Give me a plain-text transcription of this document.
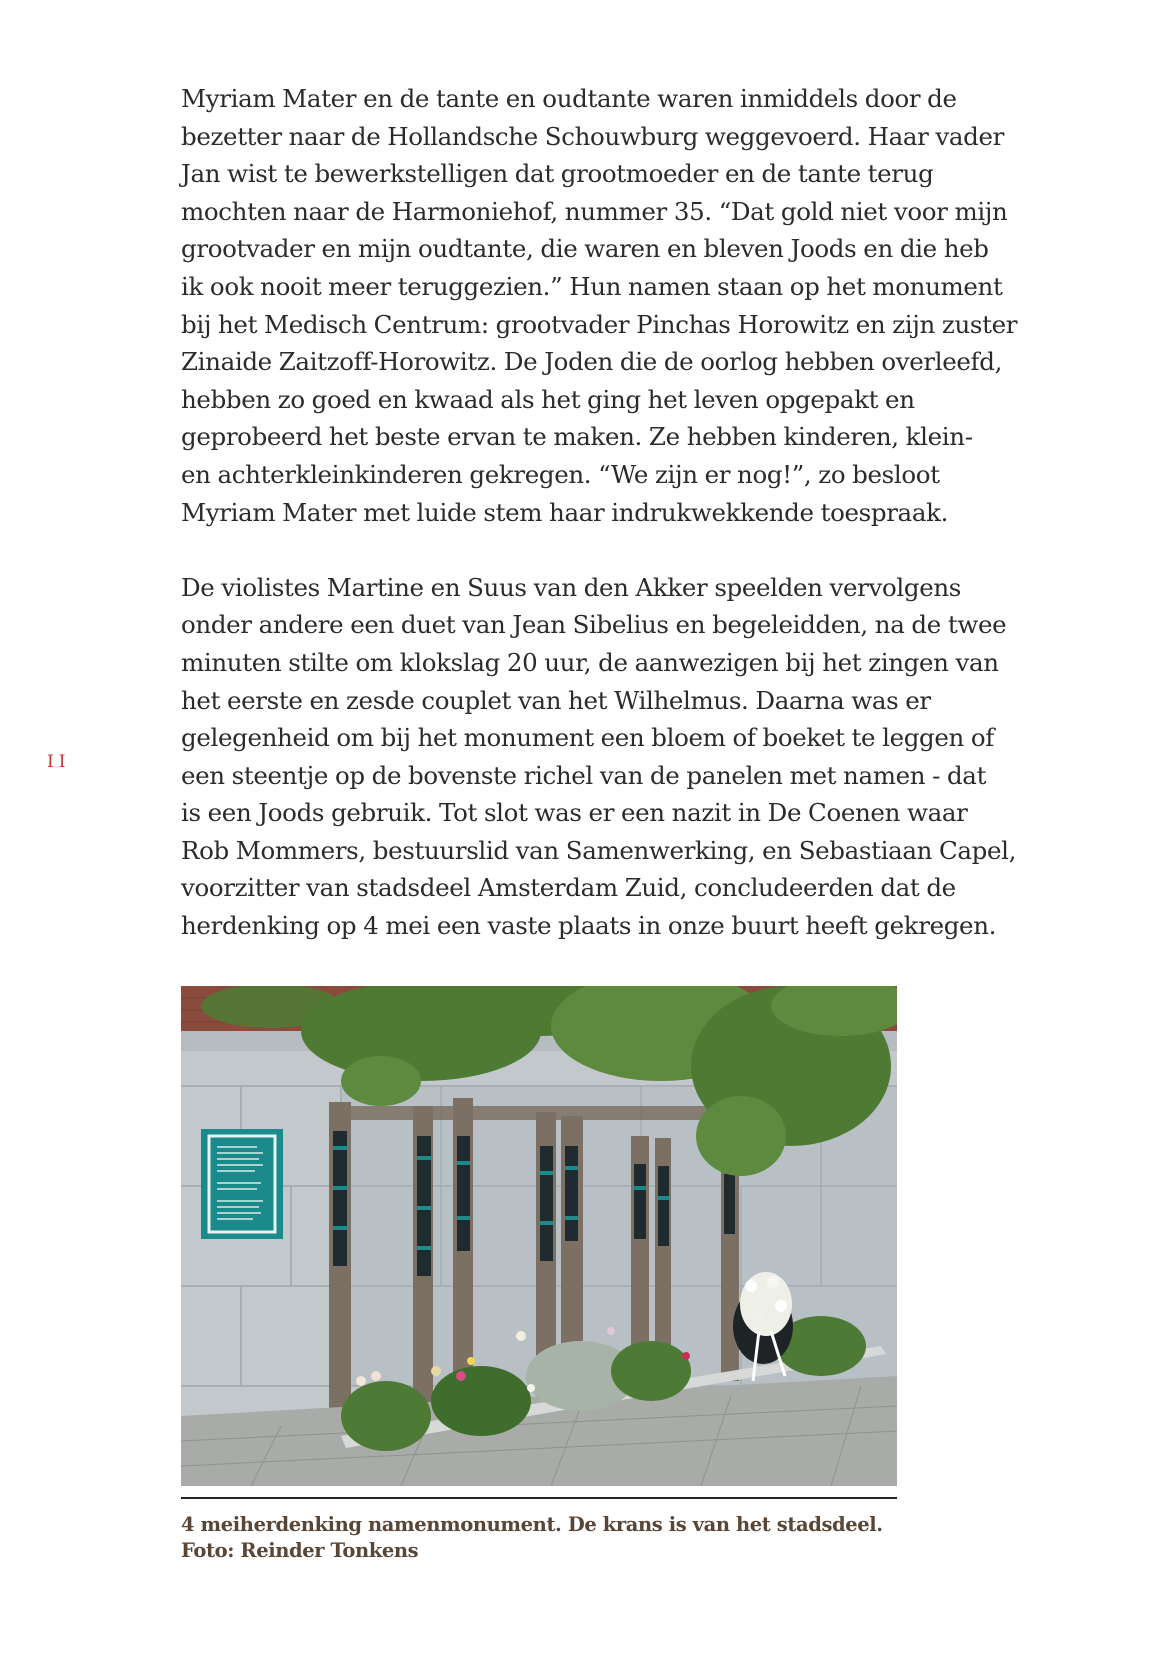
II
Myriam Mater en de tante en oudtante waren inmiddels door de
bezetter naar de Hollandsche Schouwburg weggevoerd. Haar vader
Jan wist te bewerkstelligen dat grootmoeder en de tante terug
mochten naar de Harmoniehof, nummer 35. “Dat gold niet voor mijn
grootvader en mijn oudtante, die waren en bleven Joods en die heb
ik ook nooit meer teruggezien.” Hun namen staan op het monument
bij het Medisch Centrum: grootvader Pinchas Horowitz en zijn zuster
Zinaide Zaitzoff-Horowitz. De Joden die de oorlog hebben overleefd,
hebben zo goed en kwaad als het ging het leven opgepakt en
geprobeerd het beste ervan te maken. Ze hebben kinderen, klein-
en achterkleinkinderen gekregen. “We zijn er nog!”, zo besloot
Myriam Mater met luide stem haar indrukwekkende toespraak.
De violistes Martine en Suus van den Akker speelden vervolgens
onder andere een duet van Jean Sibelius en begeleidden, na de twee
minuten stilte om klokslag 20 uur, de aanwezigen bij het zingen van
het eerste en zesde couplet van het Wilhelmus. Daarna was er
gelegenheid om bij het monument een bloem of boeket te leggen of
een steentje op de bovenste richel van de panelen met namen - dat
is een Joods gebruik. Tot slot was er een nazit in De Coenen waar
Rob Mommers, bestuurslid van Samenwerking, en Sebastiaan Capel,
voorzitter van stadsdeel Amsterdam Zuid, concludeerden dat de
herdenking op 4 mei een vaste plaats in onze buurt heeft gekregen.
4 meiherdenking namenmonument. De krans is van het stadsdeel.
Foto: Reinder Tonkens
